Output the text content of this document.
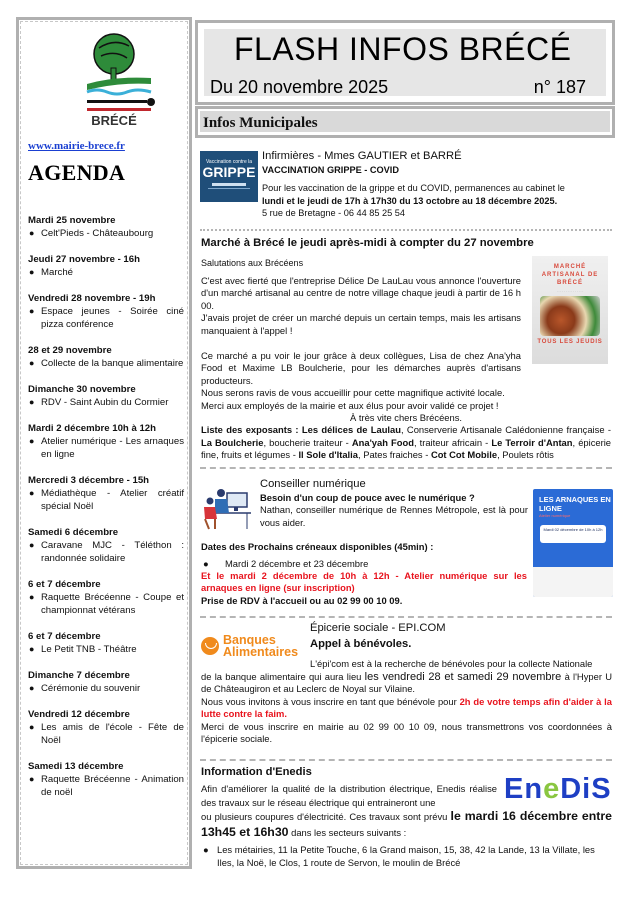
BRÉCÉ
www.mairie-brece.fr
AGENDA
Mardi 25 novembre
● Celt'Pieds - Châteaubourg
Jeudi 27 novembre - 16h
● Marché
Vendredi 28 novembre - 19h
● Espace jeunes - Soirée ciné pizza conférence
28 et 29 novembre
● Collecte de la banque alimentaire
Dimanche 30 novembre
● RDV - Saint Aubin du Cormier
Mardi 2 décembre 10h à 12h
● Atelier numérique - Les arnaques en ligne
Mercredi 3 décembre - 15h
● Médiathèque - Atelier créatif spécial Noël
Samedi 6 décembre
● Caravane MJC - Téléthon : randonnée solidaire
6 et 7 décembre
● Raquette Brécéenne - Coupe et championnat vétérans
6 et 7 décembre
● Le Petit TNB - Théâtre
Dimanche 7 décembre
● Cérémonie du souvenir
Vendredi 12 décembre
● Les amis de l'école - Fête de Noël
Samedi 13 décembre
● Raquette Brécéenne - Animation de noël
FLASH INFOS BRÉCÉ
Du 20 novembre 2025	n° 187
Infos Municipales
Vaccination contre la
GRIPPE
Infirmières - Mmes GAUTIER et BARRÉ
VACCINATION GRIPPE - COVID
Pour les vaccination de la grippe et du COVID, permanences au cabinet le
lundi et le jeudi de 17h à 17h30 du 13 octobre au 18 décembre 2025.
5 rue de Bretagne - 06 44 85 25 54
Marché à Brécé le jeudi après-midi à compter du 27 novembre
Salutations aux Brécéens
C'est avec fierté que l'entreprise Délice De LauLau vous annonce l'ouverture d'un marché artisanal au centre de notre village chaque jeudi à partir de 16 h 00.
J'avais projet de créer un marché depuis un certain temps, mais les artisans manquaient à l'appel !
Ce marché a pu voir le jour grâce à deux collègues, Lisa de chez Ana'yha Food et Maxime LB Boulcherie, pour les démarches auprès d'artisans producteurs.
Nous serons ravis de vous accueillir pour cette magnifique activité locale.
Merci aux employés de la mairie et aux élus pour avoir validé ce projet !
À très vite chers Brécéens.
Liste des exposants : Les délices de Laulau, Conserverie Artisanale Calédonienne française - La Boulcherie, boucherie traiteur - Ana'yah Food, traiteur africain - Le Terroir d'Antan, épicerie fine, fruits et légumes - Il Sole d'Italia, Pates fraiches - Cot Cot Mobile, Poulets rôtis
MARCHÉ ARTISANAL DE BRÉCÉ
· · · · · · · · · · · · · · ·
TOUS LES JEUDIS
Conseiller numérique
Besoin d'un coup de pouce avec le numérique ?
Nathan, conseiller numérique de Rennes Métropole, est là pour vous aider.
Dates des Prochains créneaux disponibles (45min) :
●	Mardi 2 décembre et 23 décembre
Et le mardi 2 décembre de 10h à 12h - Atelier numérique sur les arnaques en ligne (sur inscription)
Prise de RDV à l'accueil ou au 02 99 00 10 09.
LES ARNAQUES EN LIGNE
Atelier numérique
Mardi 02 décembre de 10h à 12h
Banques
Alimentaires
Épicerie sociale - EPI.COM
Appel à bénévoles.
L'épi'com est à la recherche de bénévoles pour la collecte Nationale
de la banque alimentaire qui aura lieu les vendredi 28 et samedi 29 novembre à l'Hyper U de Châteaugiron et au Leclerc de Noyal sur Vilaine.
Nous vous invitons à vous inscrire en tant que bénévole pour 2h de votre temps afin d'aider à la lutte contre la faim.
Merci de vous inscrire en mairie au 02 99 00 10 09, nous transmettrons vos coordonnées à l'épicerie sociale.
Information d'Enedis
Afin d'améliorer la qualité de la distribution électrique, Enedis réalise des travaux sur le réseau électrique qui entraineront une	EneDiS
ou plusieurs coupures d'électricité. Ces travaux sont prévu le mardi 16 décembre entre 13h45 et 16h30 dans les secteurs suivants :
● Les métairies, 11 la Petite Touche, 6 la Grand maison, 15, 38, 42 la Lande, 13 la Villate, les Iles, la Noë, le Clos, 1 route de Servon, le moulin de Brécé
